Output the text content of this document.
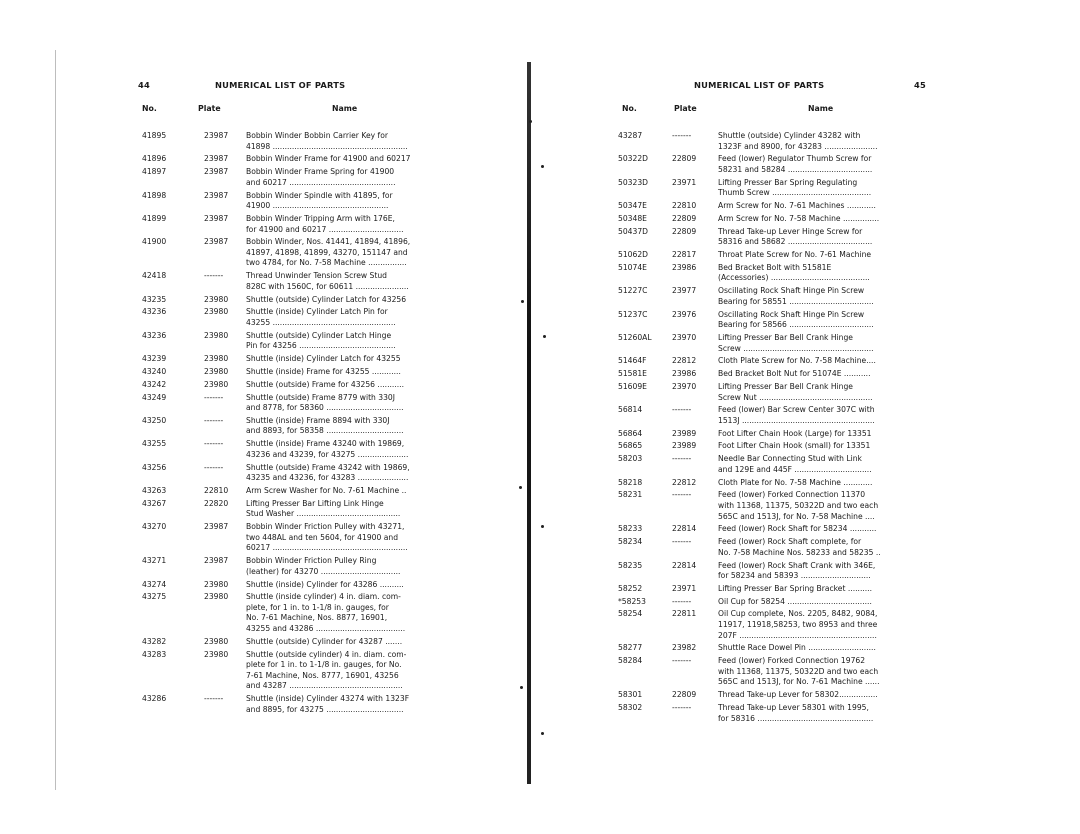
44	NUMERICAL LIST OF PARTS
No.	Plate	Name
41895	23987 Bobbin Winder Bobbin Carrier Key for
41898 ........................................................
41896	23987 Bobbin Winder Frame for 41900 and 60217
41897	23987 Bobbin Winder Frame Spring for 41900
and 60217 ............................................
41898	23987 Bobbin Winder Spindle with 41895, for
41900 ................................................
41899	23987 Bobbin Winder Tripping Arm with 176E,
for 41900 and 60217 ...............................
41900	23987 Bobbin Winder, Nos. 41441, 41894, 41896,
41897, 41898, 41899, 43270, 151147 and
two 4784, for No. 7-58 Machine ................
42418	-------	Thread Unwinder Tension Screw Stud
828C with 1560C, for 60611 ......................
43235	23980 Shuttle (outside) Cylinder Latch for 43256
43236	23980 Shuttle (inside) Cylinder Latch Pin for
43255 ...................................................
43236	23980 Shuttle (outside) Cylinder Latch Hinge
Pin for 43256 ........................................
43239	23980 Shuttle (inside) Cylinder Latch for 43255
43240	23980 Shuttle (inside) Frame for 43255 ............
43242	23980 Shuttle (outside) Frame for 43256 ...........
43249	-------	Shuttle (outside) Frame 8779 with 330J
and 8778, for 58360 ................................
43250	-------	Shuttle (inside) Frame 8894 with 330J
and 8893, for 58358 ................................
43255	-------	Shuttle (inside) Frame 43240 with 19869,
43236 and 43239, for 43275 .....................
43256	-------	Shuttle (outside) Frame 43242 with 19869,
43235 and 43236, for 43283 .....................
43263	22810 Arm Screw Washer for No. 7-61 Machine ..
43267	22820 Lifting Presser Bar Lifting Link Hinge
Stud Washer ...........................................
43270	23987 Bobbin Winder Friction Pulley with 43271,
two 448AL and ten 5604, for 41900 and
60217 ........................................................
43271	23987 Bobbin Winder Friction Pulley Ring
(leather) for 43270 .................................
43274	23980 Shuttle (inside) Cylinder for 43286 ..........
43275	23980 Shuttle (inside cylinder) 4 in. diam. com-
plete, for 1 in. to 1-1/8 in. gauges, for
No. 7-61 Machine, Nos. 8877, 16901,
43255 and 43286 .....................................
43282	23980 Shuttle (outside) Cylinder for 43287 .......
43283	23980 Shuttle (outside cylinder) 4 in. diam. com-
plete for 1 in. to 1-1/8 in. gauges, for No.
7-61 Machine, Nos. 8777, 16901, 43256
and 43287 ...............................................
43286	-------	Shuttle (inside) Cylinder 43274 with 1323F
and 8895, for 43275 ................................
NUMERICAL LIST OF PARTS	45
No.	Plate	Name
43287	-------	Shuttle (outside) Cylinder 43282 with
1323F and 8900, for 43283 ......................
50322D	22809	Feed (lower) Regulator Thumb Screw for
58231 and 58284 ...................................
50323D	23971	Lifting Presser Bar Spring Regulating
Thumb Screw .........................................
50347E	22810	Arm Screw for No. 7-61 Machines ............
50348E	22809	Arm Screw for No. 7-58 Machine ...............
50437D	22809	Thread Take-up Lever Hinge Screw for
58316 and 58682 ...................................
51062D	22817	Throat Plate Screw for No. 7-61 Machine
51074E	23986	Bed Bracket Bolt with 51581E
(Accessories) .........................................
51227C	23977	Oscillating Rock Shaft Hinge Pin Screw
Bearing for 58551 ...................................
51237C	23976	Oscillating Rock Shaft Hinge Pin Screw
Bearing for 58566 ...................................
51260AL	23970	Lifting Presser Bar Bell Crank Hinge
Screw ......................................................
51464F	22812	Cloth Plate Screw for No. 7-58 Machine....
51581E	23986	Bed Bracket Bolt Nut for 51074E ...........
51609E	23970	Lifting Presser Bar Bell Crank Hinge
Screw Nut ...............................................
56814	-------	Feed (lower) Bar Screw Center 307C with
1513J .......................................................
56864	23989	Foot Lifter Chain Hook (Large) for 13351
56865	23989	Foot Lifter Chain Hook (small) for 13351
58203	-------	Needle Bar Connecting Stud with Link
and 129E and 445F ................................
58218	22812	Cloth Plate for No. 7-58 Machine ............
58231	-------	Feed (lower) Forked Connection 11370
with 11368, 11375, 50322D and two each
565C and 1513J, for No. 7-58 Machine ....
58233	22814	Feed (lower) Rock Shaft for 58234 ...........
58234	-------	Feed (lower) Rock Shaft complete, for
No. 7-58 Machine Nos. 58233 and 58235 ..
58235	22814	Feed (lower) Rock Shaft Crank with 346E,
for 58234 and 58393 .............................
58252	23971	Lifting Presser Bar Spring Bracket ..........
*58253	-------	Oil Cup for 58254 ...................................
58254	22811	Oil Cup complete, Nos. 2205, 8482, 9084,
11917, 11918,58253, two 8953 and three
207F .........................................................
58277	23982	Shuttle Race Dowel Pin ............................
58284	-------	Feed (lower) Forked Connection 19762
with 11368, 11375, 50322D and two each
565C and 1513J, for No. 7-61 Machine ......
58301	22809	Thread Take-up Lever for 58302................
58302	-------	Thread Take-up Lever 58301 with 1995,
for 58316 ................................................
